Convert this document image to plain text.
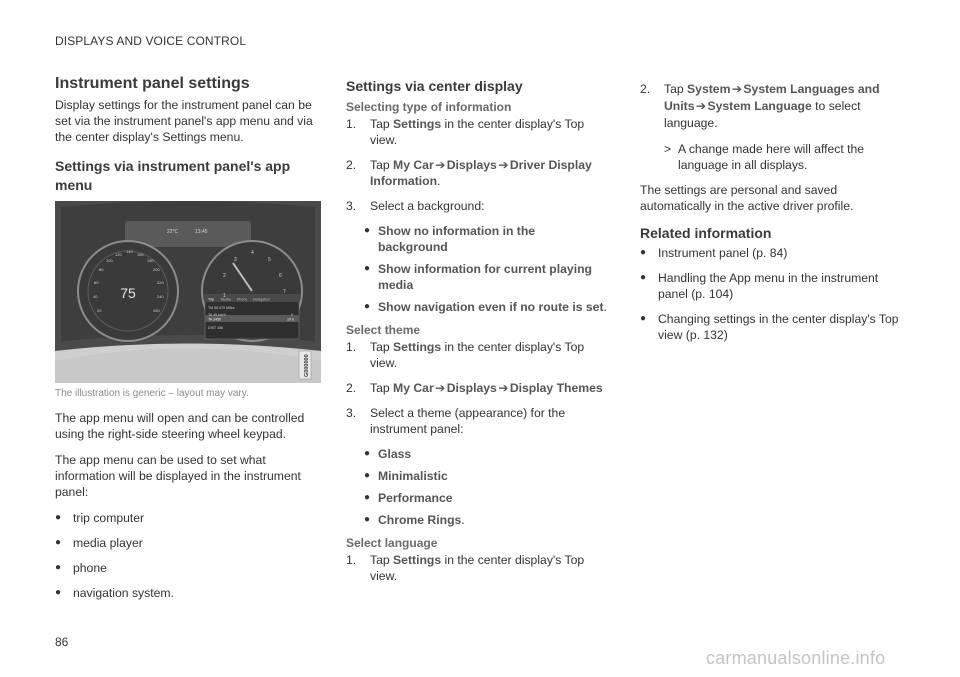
DISPLAYS AND VOICE CONTROL
Instrument panel settings

Display settings for the instrument panel can be set via the instrument panel's app menu and via the center display's Settings menu.

Settings via instrument panel's app menu
75
22°C	13:45
20
40
60
80
100
120
140
160
180
200
220
240
260
1
2
3
4
5
6
7
Trip Media Phone Navigation
TM 88 670 Miles
TA 45 km/h
TA 3456
DIST 456
0
10 h
G000000

The illustration is generic – layout may vary.

The app menu will open and can be controlled using the right-side steering wheel keypad.

The app menu can be used to set what information will be displayed in the instrument panel:

● trip computer
● media player
● phone
● navigation system.
Settings via center display
Selecting type of information
1. Tap Settings in the center display's Top view.
2. Tap My Car➔Displays➔Driver Display Information.
3. Select a background:
● Show no information in the background
● Show information for current playing media
● Show navigation even if no route is set.
Select theme
1. Tap Settings in the center display's Top view.
2. Tap My Car➔Displays➔Display Themes
3. Select a theme (appearance) for the instrument panel:
● Glass
● Minimalistic
● Performance
● Chrome Rings.
Select language
1. Tap Settings in the center display's Top view.
2. Tap System➔System Languages and Units➔System Language to select language.
> A change made here will affect the language in all displays.

The settings are personal and saved automatically in the active driver profile.

Related information
● Instrument panel (p. 84)
● Handling the App menu in the instrument panel (p. 104)
● Changing settings in the center display's Top view (p. 132)
86
carmanualsonline.info
